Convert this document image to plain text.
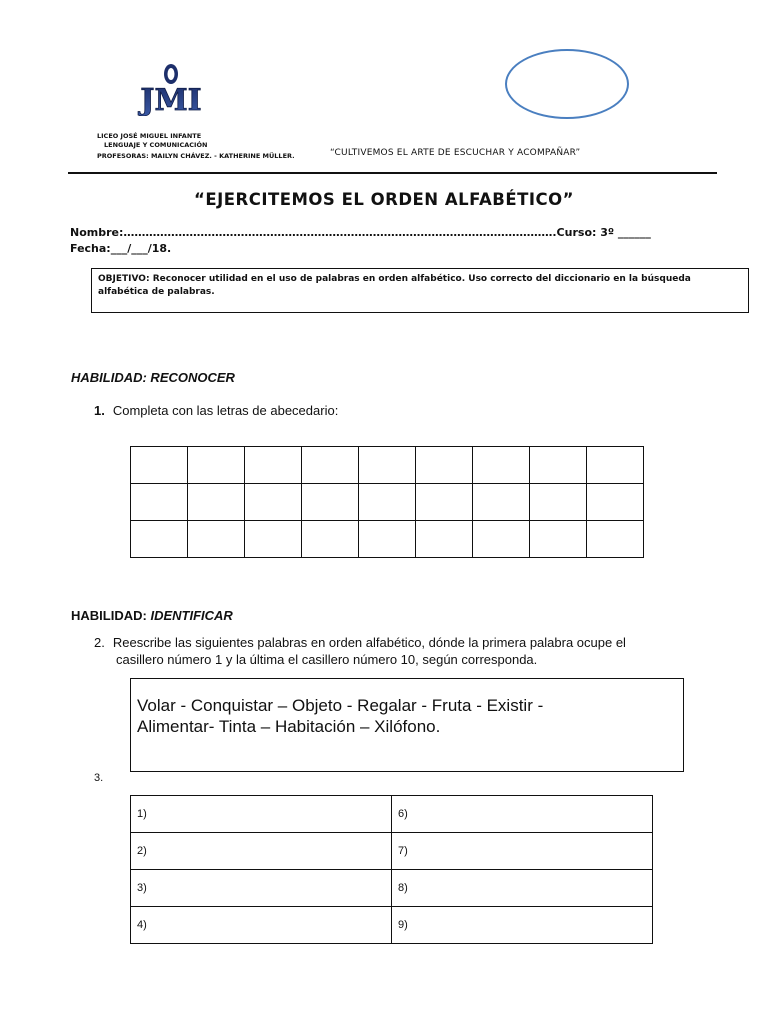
JMI
LICEO JOSÉ MIGUEL INFANTE
LENGUAJE Y COMUNICACIÓN
PROFESORAS: MAILYN CHÁVEZ. - KATHERINE MÜLLER.	“CULTIVEMOS EL ARTE DE ESCUCHAR Y ACOMPAÑAR”
“EJERCITEMOS EL ORDEN ALFABÉTICO”
Nombre:……………………………………………………………………………………………………….Curso: 3º ______
Fecha:___/___/18.
OBJETIVO: Reconocer utilidad en el uso de palabras en orden alfabético. Uso correcto del diccionario en la búsqueda alfabética de palabras.
HABILIDAD: RECONOCER
1. Completa con las letras de abecedario:

HABILIDAD: IDENTIFICAR
2. Reescribe las siguientes palabras en orden alfabético, dónde la primera palabra ocupe el
casillero número 1 y la última el casillero número 10, según corresponda.
Volar - Conquistar – Objeto - Regalar - Fruta - Existir -
Alimentar- Tinta – Habitación – Xilófono.
3.
1)	6)
2)	7)
3)	8)
4)	9)
